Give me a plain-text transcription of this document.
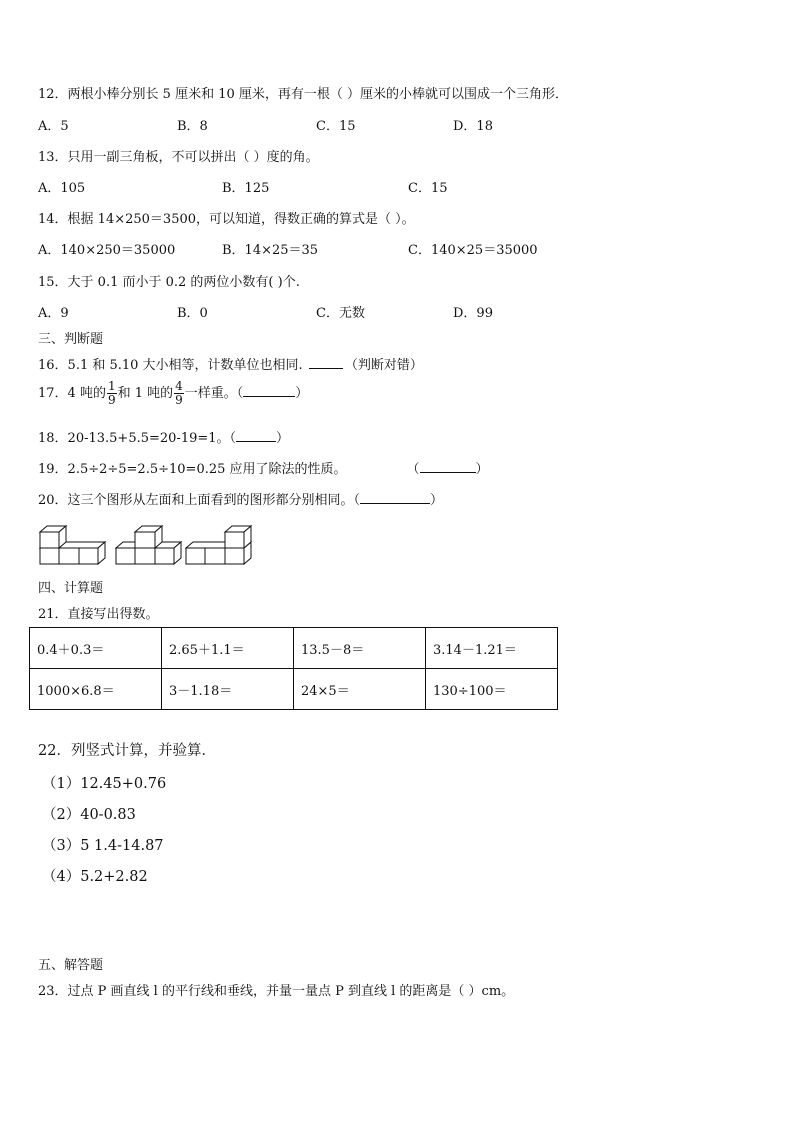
12．两根小棒分别长 5 厘米和 10 厘米，再有一根（ ）厘米的小棒就可以围成一个三角形．
A．5	B．8	C．15	D．18
13．只用一副三角板，不可以拼出（ ）度的角。
A．105	B．125	C．15
14．根据 14×250＝3500，可以知道，得数正确的算式是（ ）。
A．140×250＝35000	B．14×25＝35	C．140×25＝35000
15．大于 0.1 而小于 0.2 的两位小数有( )个.
A．9	B．0	C．无数	D．99
三、判断题
16．5.1 和 5.10 大小相等，计数单位也相同.	（判断对错）
17．4 吨的 $\frac{1}{9}$ 和 1 吨的 $\frac{4}{9}$ 一样重。（	）
18．20-13.5+5.5=20-19=1。（	）
19．2.5÷2÷5=2.5÷10=0.25 应用了除法的性质。	（	）
20．这三个图形从左面和上面看到的图形都分别相同。（	）
四、计算题
21．直接写出得数。
0.4＋0.3＝	2.65＋1.1＝	13.5－8＝	3.14－1.21＝
1000×6.8＝	3－1.18＝	24×5＝	130÷100＝
22．列竖式计算，并验算．
（1）12.45+0.76
（2）40-0.83
（3）5 1.4-14.87
（4）5.2+2.82
五、解答题
23．过点 P 画直线 l 的平行线和垂线，并量一量点 P 到直线 l 的距离是（ ）cm。
